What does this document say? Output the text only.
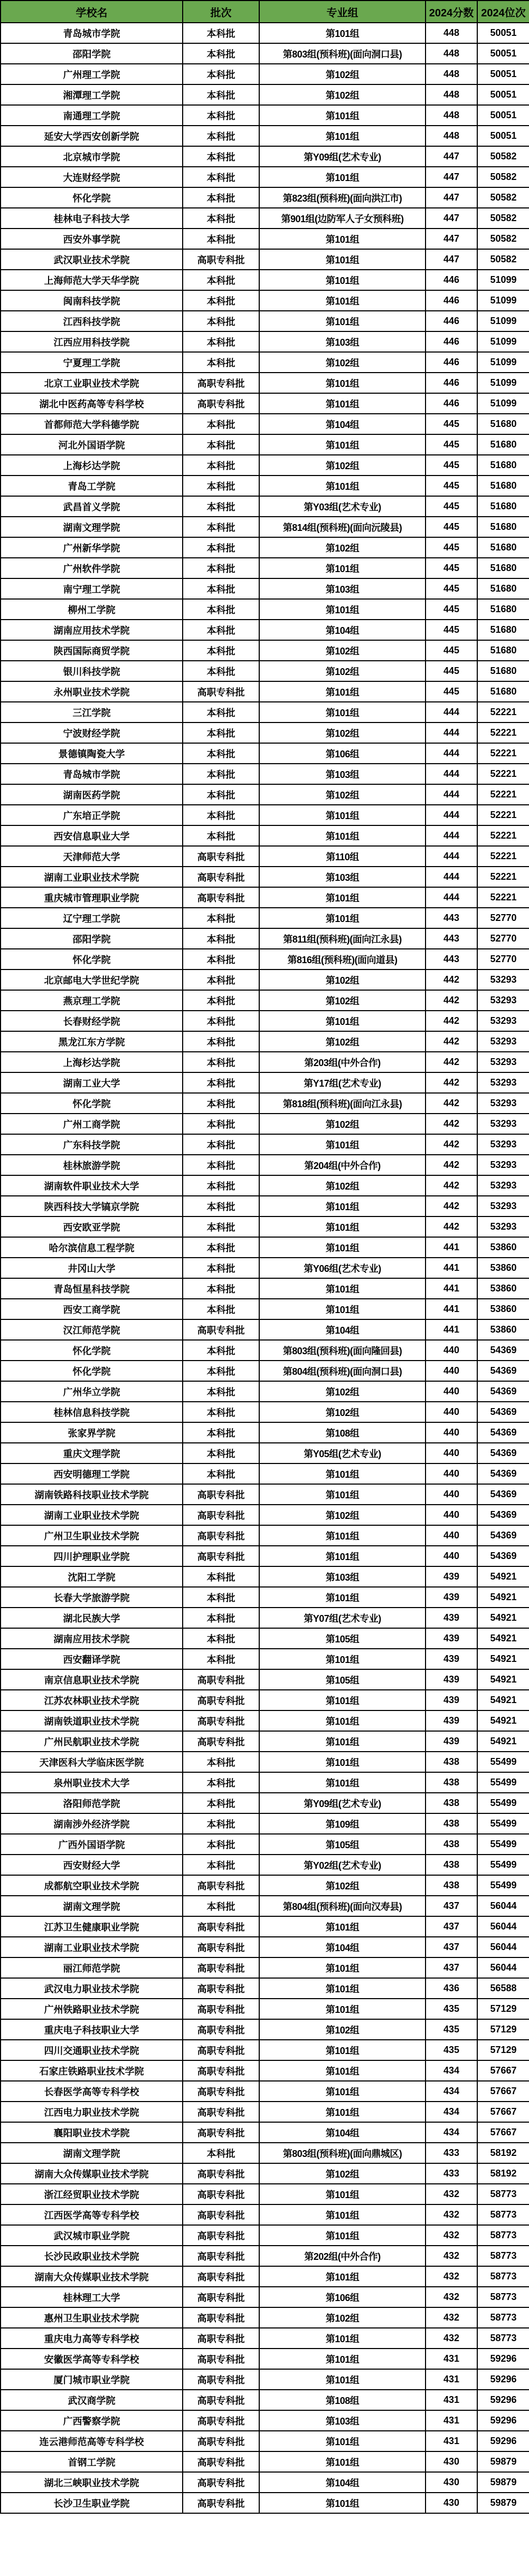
学校名	批次	专业组	2024分数	2024位次
青岛城市学院	本科批	第101组	448	50051
邵阳学院	本科批	第803组(预科班)(面向洞口县)	448	50051
广州理工学院	本科批	第102组	448	50051
湘潭理工学院	本科批	第102组	448	50051
南通理工学院	本科批	第101组	448	50051
延安大学西安创新学院	本科批	第101组	448	50051
北京城市学院	本科批	第Y09组(艺术专业)	447	50582
大连财经学院	本科批	第101组	447	50582
怀化学院	本科批	第823组(预科班)(面向洪江市)	447	50582
桂林电子科技大学	本科批	第901组(边防军人子女预科班)	447	50582
西安外事学院	本科批	第101组	447	50582
武汉职业技术学院	高职专科批	第101组	447	50582
上海师范大学天华学院	本科批	第101组	446	51099
闽南科技学院	本科批	第101组	446	51099
江西科技学院	本科批	第101组	446	51099
江西应用科技学院	本科批	第103组	446	51099
宁夏理工学院	本科批	第102组	446	51099
北京工业职业技术学院	高职专科批	第101组	446	51099
湖北中医药高等专科学校	高职专科批	第101组	446	51099
首都师范大学科德学院	本科批	第104组	445	51680
河北外国语学院	本科批	第101组	445	51680
上海杉达学院	本科批	第102组	445	51680
青岛工学院	本科批	第101组	445	51680
武昌首义学院	本科批	第Y03组(艺术专业)	445	51680
湖南文理学院	本科批	第814组(预科班)(面向沅陵县)	445	51680
广州新华学院	本科批	第102组	445	51680
广州软件学院	本科批	第101组	445	51680
南宁理工学院	本科批	第103组	445	51680
柳州工学院	本科批	第101组	445	51680
湖南应用技术学院	本科批	第104组	445	51680
陕西国际商贸学院	本科批	第102组	445	51680
银川科技学院	本科批	第102组	445	51680
永州职业技术学院	高职专科批	第101组	445	51680
三江学院	本科批	第101组	444	52221
宁波财经学院	本科批	第102组	444	52221
景德镇陶瓷大学	本科批	第106组	444	52221
青岛城市学院	本科批	第103组	444	52221
湖南医药学院	本科批	第102组	444	52221
广东培正学院	本科批	第101组	444	52221
西安信息职业大学	本科批	第101组	444	52221
天津师范大学	高职专科批	第110组	444	52221
湖南工业职业技术学院	高职专科批	第103组	444	52221
重庆城市管理职业学院	高职专科批	第101组	444	52221
辽宁理工学院	本科批	第101组	443	52770
邵阳学院	本科批	第811组(预科班)(面向江永县)	443	52770
怀化学院	本科批	第816组(预科班)(面向道县)	443	52770
北京邮电大学世纪学院	本科批	第102组	442	53293
燕京理工学院	本科批	第102组	442	53293
长春财经学院	本科批	第101组	442	53293
黑龙江东方学院	本科批	第102组	442	53293
上海杉达学院	本科批	第203组(中外合作)	442	53293
湖南工业大学	本科批	第Y17组(艺术专业)	442	53293
怀化学院	本科批	第818组(预科班)(面向江永县)	442	53293
广州工商学院	本科批	第102组	442	53293
广东科技学院	本科批	第101组	442	53293
桂林旅游学院	本科批	第204组(中外合作)	442	53293
湖南软件职业技术大学	本科批	第102组	442	53293
陕西科技大学镐京学院	本科批	第101组	442	53293
西安欧亚学院	本科批	第101组	442	53293
哈尔滨信息工程学院	本科批	第101组	441	53860
井冈山大学	本科批	第Y06组(艺术专业)	441	53860
青岛恒星科技学院	本科批	第101组	441	53860
西安工商学院	本科批	第101组	441	53860
汉江师范学院	高职专科批	第104组	441	53860
怀化学院	本科批	第803组(预科班)(面向隆回县)	440	54369
怀化学院	本科批	第804组(预科班)(面向洞口县)	440	54369
广州华立学院	本科批	第102组	440	54369
桂林信息科技学院	本科批	第102组	440	54369
张家界学院	本科批	第108组	440	54369
重庆文理学院	本科批	第Y05组(艺术专业)	440	54369
西安明德理工学院	本科批	第101组	440	54369
湖南铁路科技职业技术学院	高职专科批	第101组	440	54369
湖南工业职业技术学院	高职专科批	第102组	440	54369
广州卫生职业技术学院	高职专科批	第101组	440	54369
四川护理职业学院	高职专科批	第101组	440	54369
沈阳工学院	本科批	第103组	439	54921
长春大学旅游学院	本科批	第101组	439	54921
湖北民族大学	本科批	第Y07组(艺术专业)	439	54921
湖南应用技术学院	本科批	第105组	439	54921
西安翻译学院	本科批	第101组	439	54921
南京信息职业技术学院	高职专科批	第105组	439	54921
江苏农林职业技术学院	高职专科批	第101组	439	54921
湖南铁道职业技术学院	高职专科批	第101组	439	54921
广州民航职业技术学院	高职专科批	第101组	439	54921
天津医科大学临床医学院	本科批	第101组	438	55499
泉州职业技术大学	本科批	第101组	438	55499
洛阳师范学院	本科批	第Y09组(艺术专业)	438	55499
湖南涉外经济学院	本科批	第109组	438	55499
广西外国语学院	本科批	第105组	438	55499
西安财经大学	本科批	第Y02组(艺术专业)	438	55499
成都航空职业技术学院	高职专科批	第102组	438	55499
湖南文理学院	本科批	第804组(预科班)(面向汉寿县)	437	56044
江苏卫生健康职业学院	高职专科批	第101组	437	56044
湖南工业职业技术学院	高职专科批	第104组	437	56044
丽江师范学院	高职专科批	第101组	437	56044
武汉电力职业技术学院	高职专科批	第101组	436	56588
广州铁路职业技术学院	高职专科批	第101组	435	57129
重庆电子科技职业大学	高职专科批	第102组	435	57129
四川交通职业技术学院	高职专科批	第101组	435	57129
石家庄铁路职业技术学院	高职专科批	第101组	434	57667
长春医学高等专科学校	高职专科批	第101组	434	57667
江西电力职业技术学院	高职专科批	第101组	434	57667
襄阳职业技术学院	高职专科批	第104组	434	57667
湖南文理学院	本科批	第803组(预科班)(面向鼎城区)	433	58192
湖南大众传媒职业技术学院	高职专科批	第102组	433	58192
浙江经贸职业技术学院	高职专科批	第101组	432	58773
江西医学高等专科学校	高职专科批	第101组	432	58773
武汉城市职业学院	高职专科批	第101组	432	58773
长沙民政职业技术学院	高职专科批	第202组(中外合作)	432	58773
湖南大众传媒职业技术学院	高职专科批	第101组	432	58773
桂林理工大学	高职专科批	第106组	432	58773
惠州卫生职业技术学院	高职专科批	第102组	432	58773
重庆电力高等专科学校	高职专科批	第101组	432	58773
安徽医学高等专科学校	高职专科批	第101组	431	59296
厦门城市职业学院	高职专科批	第101组	431	59296
武汉商学院	高职专科批	第108组	431	59296
广西警察学院	高职专科批	第103组	431	59296
连云港师范高等专科学校	高职专科批	第101组	431	59296
首钢工学院	高职专科批	第101组	430	59879
湖北三峡职业技术学院	高职专科批	第104组	430	59879
长沙卫生职业学院	高职专科批	第101组	430	59879
